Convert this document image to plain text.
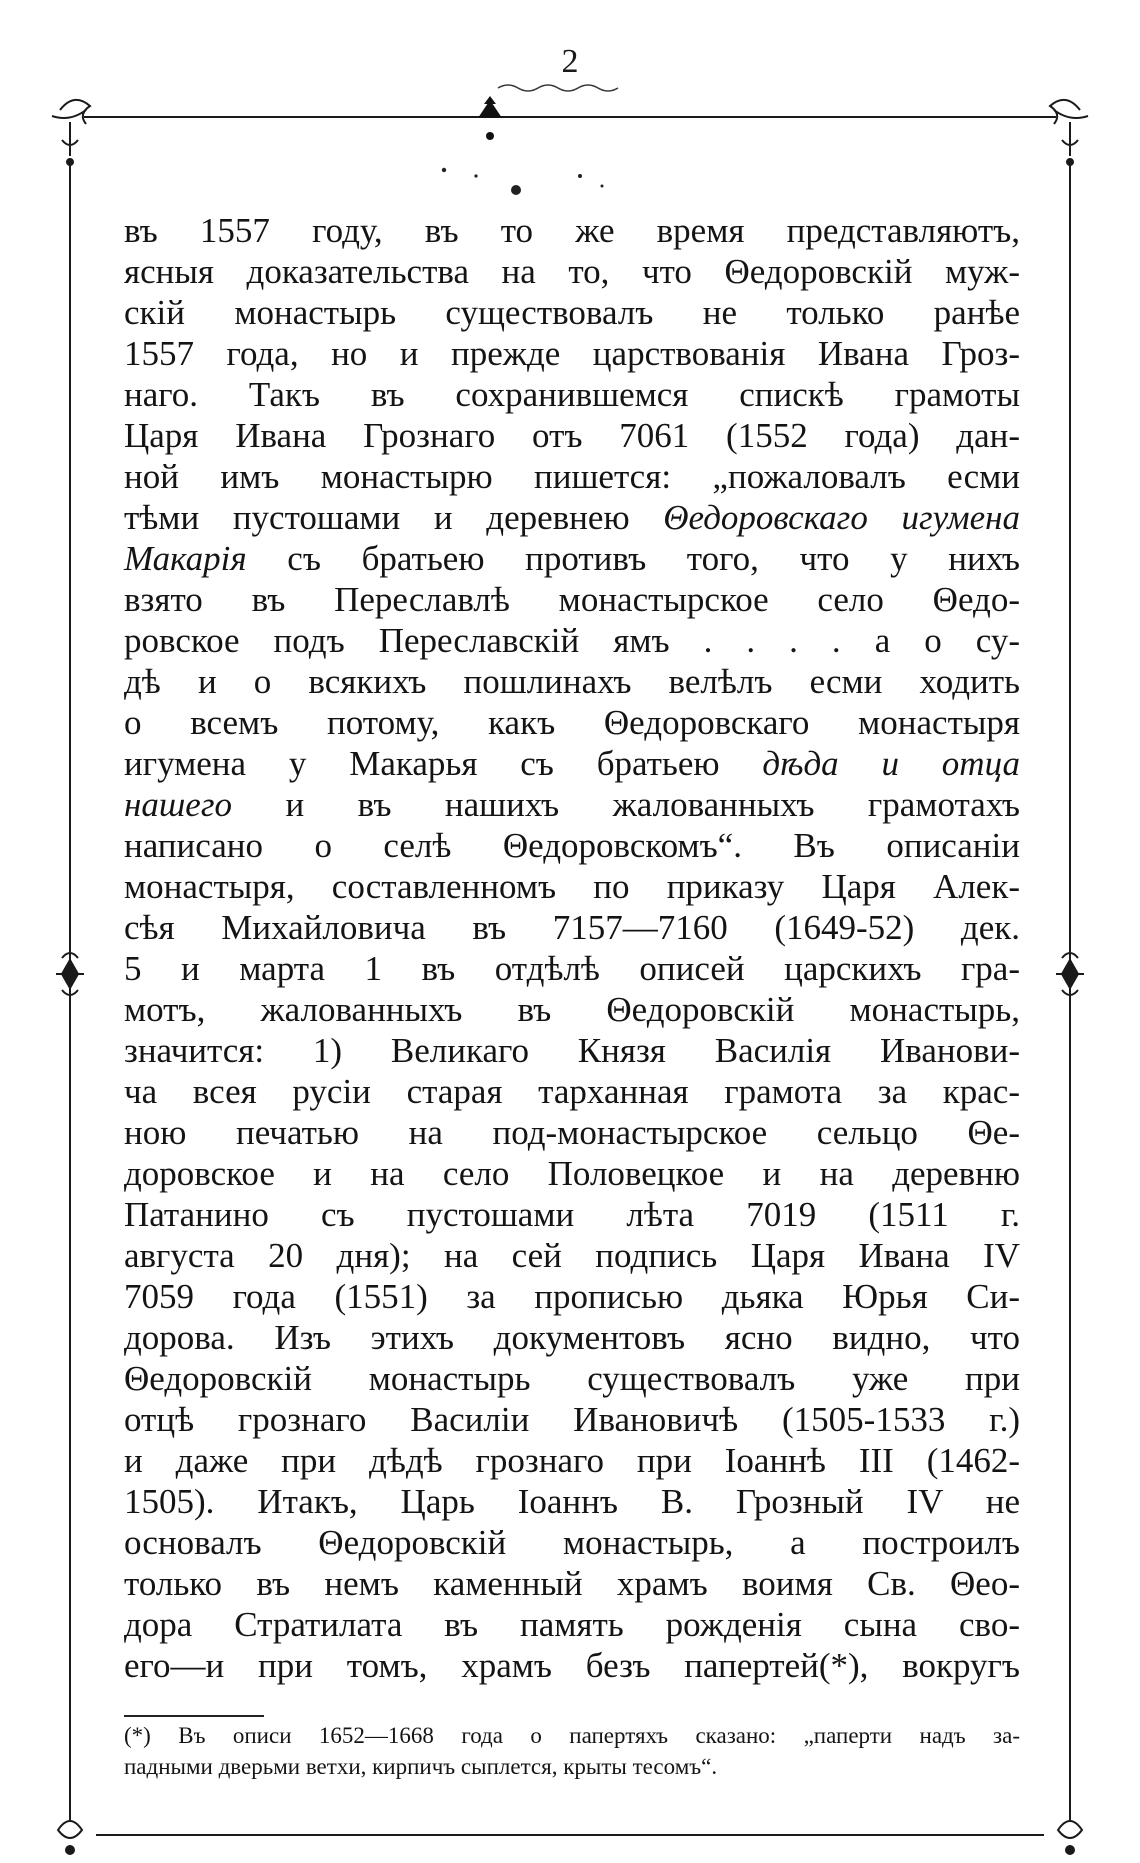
2
въ 1557 году, въ то же время представляютъ,
ясныя доказательства на то, что Θедоровскій муж-
скій монастырь существовалъ не только ранѣе
1557 года, но и прежде царствованія Ивана Гроз-
наго. Такъ въ сохранившемся спискѣ грамоты
Царя Ивана Грознаго отъ 7061 (1552 года) дан-
ной имъ монастырю пишется: „пожаловалъ есми
тѣми пустошами и деревнею Θедоровскаго игумена
Макарія съ братьею противъ того, что у нихъ
взято въ Переславлѣ монастырское село Θедо-
ровское подъ Переславскій ямъ . . . . а о су-
дѣ и о всякихъ пошлинахъ велѣлъ есми ходить
о всемъ потому, какъ Θедоровскаго монастыря
игумена у Макарья съ братьею дѣда и отца
нашего и въ нашихъ жалованныхъ грамотахъ
написано о селѣ Θедоровскомъ“. Въ описаніи
монастыря, составленномъ по приказу Царя Алек-
сѣя Михайловича въ 7157—7160 (1649-52) дек.
5 и марта 1 въ отдѣлѣ описей царскихъ гра-
мотъ, жалованныхъ въ Θедоровскій монастырь,
значится: 1) Великаго Князя Василія Иванови-
ча всея русіи старая тарханная грамота за крас-
ною печатью на под-монастырское сельцо Θе-
доровское и на село Половецкое и на деревню
Патанино съ пустошами лѣта 7019 (1511 г.
августа 20 дня); на сей подпись Царя Ивана IV
7059 года (1551) за прописью дьяка Юрья Си-
дорова. Изъ этихъ документовъ ясно видно, что
Θедоровскій монастырь существовалъ уже при
отцѣ грознаго Василіи Ивановичѣ (1505-1533 г.)
и даже при дѣдѣ грознаго при Іоаннѣ III (1462-
1505). Итакъ, Царь Іоаннъ В. Грозный IV не
основалъ Θедоровскій монастырь, а построилъ
только въ немъ каменный храмъ воимя Св. Θео-
дора Стратилата въ память рожденія сына сво-
его—и при томъ, храмъ безъ папертей(*), вокругъ
(*) Въ описи 1652—1668 года о папертяхъ сказано: „паперти надъ за-
падными дверьми ветхи, кирпичъ сыплется, крыты тесомъ“.
